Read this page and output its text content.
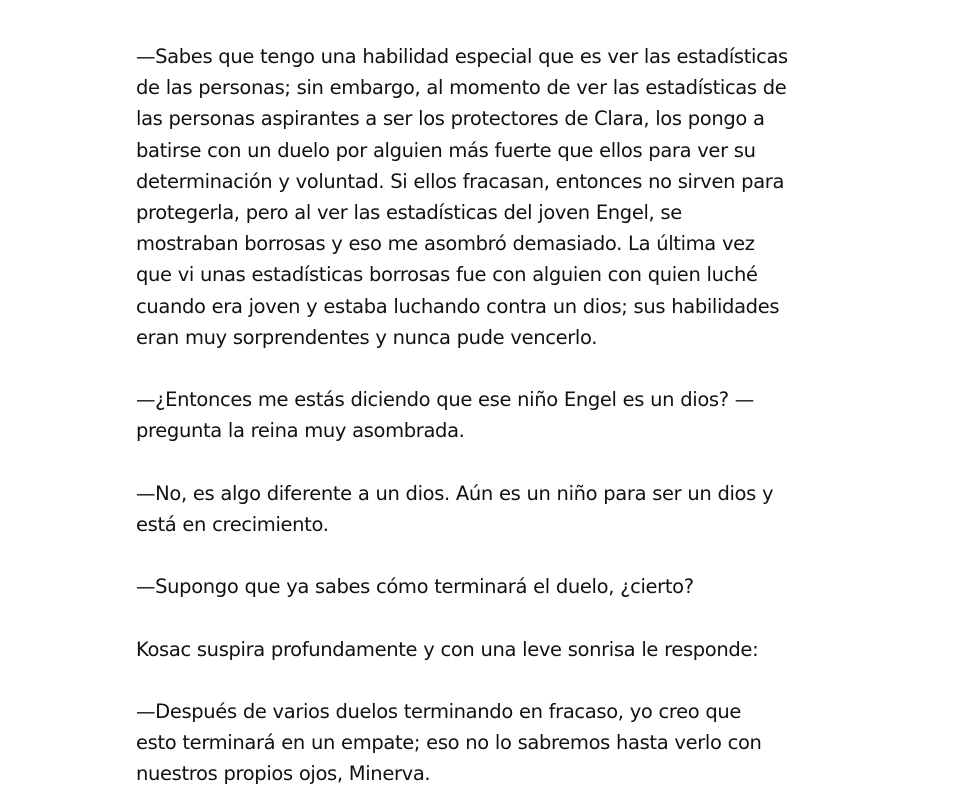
—Sabes que tengo una habilidad especial que es ver las estadísticas
de las personas; sin embargo, al momento de ver las estadísticas de
las personas aspirantes a ser los protectores de Clara, los pongo a
batirse con un duelo por alguien más fuerte que ellos para ver su
determinación y voluntad. Si ellos fracasan, entonces no sirven para
protegerla, pero al ver las estadísticas del joven Engel, se
mostraban borrosas y eso me asombró demasiado. La última vez
que vi unas estadísticas borrosas fue con alguien con quien luché
cuando era joven y estaba luchando contra un dios; sus habilidades
eran muy sorprendentes y nunca pude vencerlo.
—¿Entonces me estás diciendo que ese niño Engel es un dios? —
pregunta la reina muy asombrada.
—No, es algo diferente a un dios. Aún es un niño para ser un dios y
está en crecimiento.
—Supongo que ya sabes cómo terminará el duelo, ¿cierto?
Kosac suspira profundamente y con una leve sonrisa le responde:
—Después de varios duelos terminando en fracaso, yo creo que
esto terminará en un empate; eso no lo sabremos hasta verlo con
nuestros propios ojos, Minerva.
